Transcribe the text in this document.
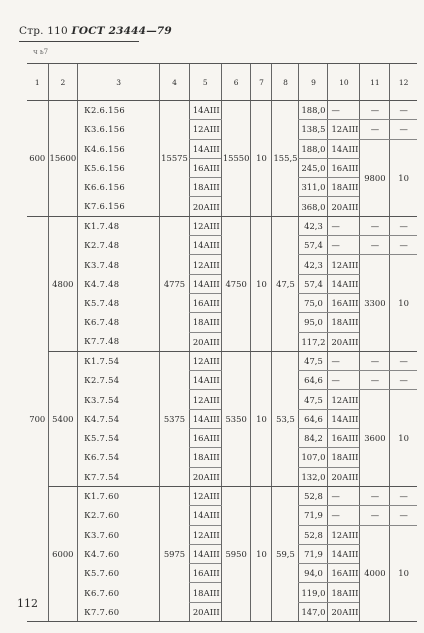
Стр. 110 ГОСТ 23444—79
ч ь7
1	2	3	4	5	6	7	8	9	10	11	12
600	15600	К2.6.156	15575	14АIII	15550	10	155,5	188,0	—	—	—
		К3.6.156		12АIII				138,5	12АIII	—	—
		К4.6.156		14АIII				188,0	14АIII	9800	10
		К5.6.156		16АIII				245,0	16АIII		
		К6.6.156		18АIII				311,0	18АIII		
		К7.6.156		20АIII				368,0	20АIII		
700	4800	К1.7.48	4775	12АIII	4750	10	47,5	42,3	—	—	—
		К2.7.48		14АIII				57,4	—	—	—
		К3.7.48		12АIII				42,3	12АIII	3300	10
		К4.7.48		14АIII				57,4	14АIII		
		К5.7.48		16АIII				75,0	16АIII		
		К6.7.48		18АIII				95,0	18АIII		
		К7.7.48		20АIII				117,2	20АIII		
	5400	К1.7.54	5375	12АIII	5350	10	53,5	47,5	—	—	—
		К2.7.54		14АIII				64,6	—	—	—
		К3.7.54		12АIII				47,5	12АIII	3600	10
		К4.7.54		14АIII				64,6	14АIII		
		К5.7.54		16АIII				84,2	16АIII		
		К6.7.54		18АIII				107,0	18АIII		
		К7.7.54		20АIII				132,0	20АIII		
	6000	К1.7.60	5975	12АIII	5950	10	59,5	52,8	—	—	—
		К2.7.60		14АIII				71,9	—	—	—
		К3.7.60		12АIII				52,8	12АIII	4000	10
		К4.7.60		14АIII				71,9	14АIII		
		К5.7.60		16АIII				94,0	16АIII		
		К6.7.60		18АIII				119,0	18АIII		
		К7.7.60		20АIII				147,0	20АIII		
112
